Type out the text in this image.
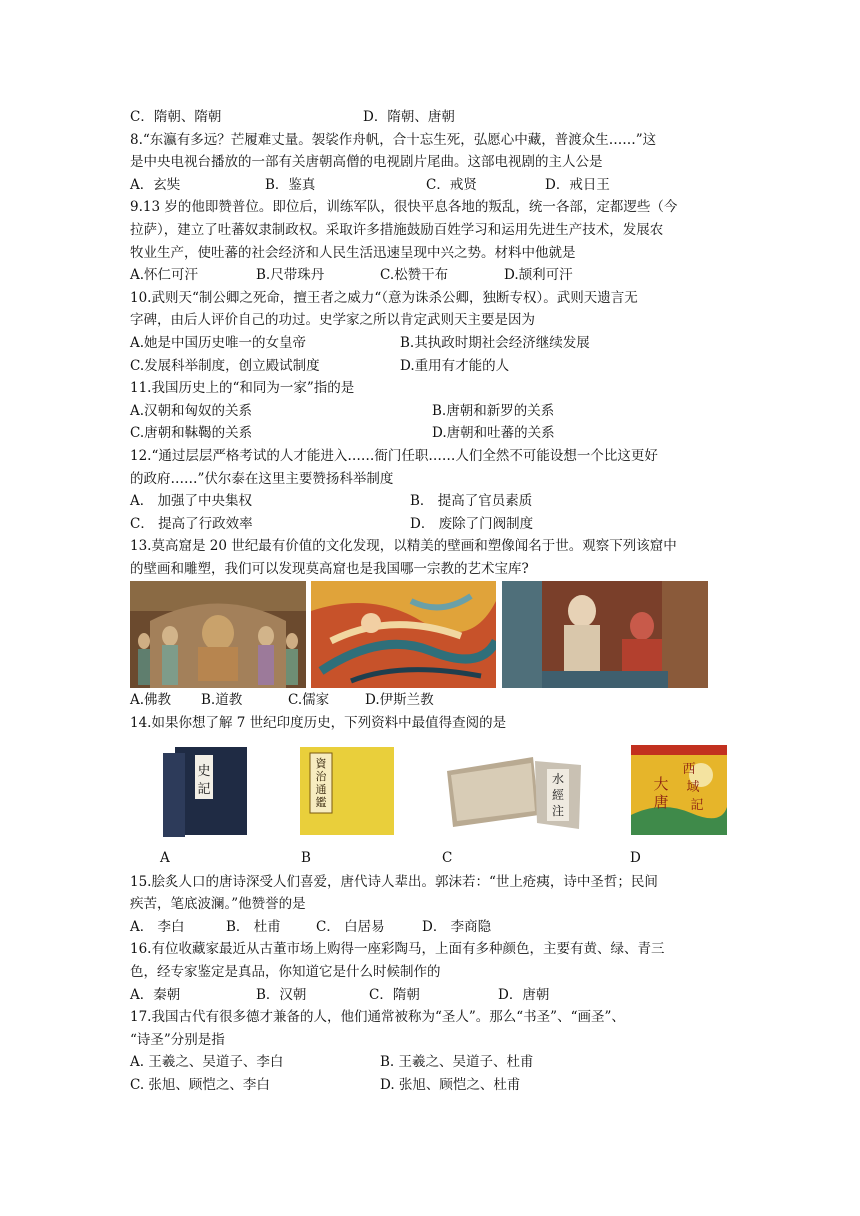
C．隋朝、隋朝	D．隋朝、唐朝
8.“东瀛有多远？芒履难丈量。袈裟作舟帆，合十忘生死，弘愿心中藏，普渡众生……”这
是中央电视台播放的一部有关唐朝高僧的电视剧片尾曲。这部电视剧的主人公是
A．玄奘	B．鉴真	C．戒贤	D．戒日王
9.13 岁的他即赞普位。即位后，训练军队，很快平息各地的叛乱，统一各部，定都逻些（今
拉萨），建立了吐蕃奴隶制政权。采取许多措施鼓励百姓学习和运用先进生产技术，发展农
牧业生产，使吐蕃的社会经济和人民生活迅速呈现中兴之势。材料中他就是
A.怀仁可汗	B.尺带珠丹	C.松赞干布	D.颉利可汗
10.武则天“制公卿之死命，擅王者之威力“（意为诛杀公卿，独断专权）。武则天遗言无
字碑，由后人评价自己的功过。史学家之所以肯定武则天主要是因为
A.她是中国历史唯一的女皇帝	B.其执政时期社会经济继续发展
C.发展科举制度，创立殿试制度	D.重用有才能的人
11.我国历史上的“和同为一家”指的是
A.汉朝和匈奴的关系	B.唐朝和新罗的关系
C.唐朝和靺鞨的关系	D.唐朝和吐蕃的关系
12.“通过层层严格考试的人才能进入……衙门任职……人们全然不可能设想一个比这更好
的政府……”伏尔泰在这里主要赞扬科举制度
A． 加强了中央集权	B． 提高了官员素质
C． 提高了行政效率	D． 废除了门阀制度
13.莫高窟是 20 世纪最有价值的文化发现，以精美的壁画和塑像闻名于世。观察下列该窟中
的壁画和雕塑，我们可以发现莫高窟也是我国哪一宗教的艺术宝库?
A.佛教 B.道教	C.儒家	D.伊斯兰教
14.如果你想了解 7 世纪印度历史，下列资料中最值得查阅的是
史
記
資
治
通
鑑
水
經
注
大
唐
西
域
記
A	B	C	D
15.脍炙人口的唐诗深受人们喜爱，唐代诗人辈出。郭沫若：“世上疮痍，诗中圣哲；民间
疾苦，笔底波澜。”他赞誉的是
A． 李白	B． 杜甫	C． 白居易	D． 李商隐
16.有位收藏家最近从古董市场上购得一座彩陶马，上面有多种颜色，主要有黄、绿、青三
色，经专家鉴定是真品，你知道它是什么时候制作的
A．秦朝	B．汉朝	C．隋朝	D．唐朝
17.我国古代有很多德才兼备的人，他们通常被称为“圣人”。那么“书圣”、“画圣”、
“诗圣”分别是指
A. 王羲之、吴道子、李白	B. 王羲之、吴道子、杜甫
C. 张旭、顾恺之、李白	D. 张旭、顾恺之、杜甫
